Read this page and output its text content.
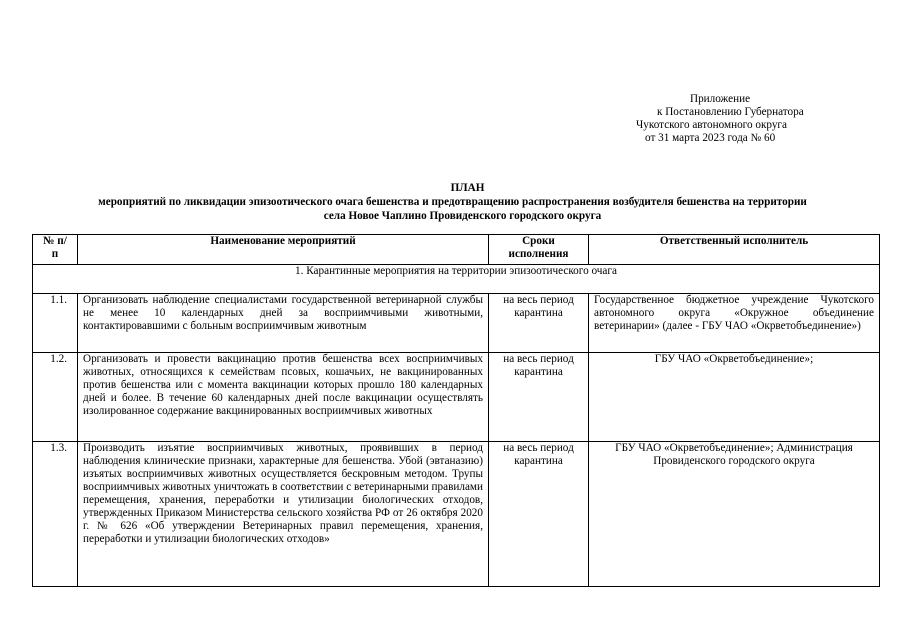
Приложение
к Постановлению Губернатора
Чукотского автономного округа
от 31 марта 2023 года № 60
ПЛАН
мероприятий по ликвидации эпизоотического очага бешенства и предотвращению распространения возбудителя бешенства на территории
села Новое Чаплино Провиденского городского округа
№ п/п	Наименование мероприятий	Сроки исполнения	Ответственный исполнитель
1. Карантинные мероприятия на территории эпизоотического очага			
1.1.	Организовать наблюдение специалистами государственной ветеринарной службы не менее 10 календарных дней за восприимчивыми животными, контактировавшими с больным восприимчивым животным	на весь период карантина	Государственное бюджетное учреждение Чукотского автономного округа «Окружное объединение ветеринарии» (далее - ГБУ ЧАО «Окрветобъединение»)
1.2.	Организовать и провести вакцинацию против бешенства всех восприимчивых животных, относящихся к семействам псовых, кошачьих, не вакцинированных против бешенства или с момента вакцинации которых прошло 180 календарных дней и более. В течение 60 календарных дней после вакцинации осуществлять изолированное содержание вакцинированных восприимчивых животных	на весь период карантина	ГБУ ЧАО «Окрветобъединение»;
1.3.	Производить изъятие восприимчивых животных, проявивших в период наблюдения клинические признаки, характерные для бешенства. Убой (эвтаназию) изъятых восприимчивых животных осуществляется бескровным методом. Трупы восприимчивых животных уничтожать в соответствии с ветеринарными правилами перемещения, хранения, переработки и утилизации биологических отходов, утвержденных Приказом Министерства сельского хозяйства РФ от 26 октября 2020 г. № 626 «Об утверждении Ветеринарных правил перемещения, хранения, переработки и утилизации биологических отходов»	на весь период карантина	ГБУ ЧАО «Окрветобъединение»; Администрация Провиденского городского округа
